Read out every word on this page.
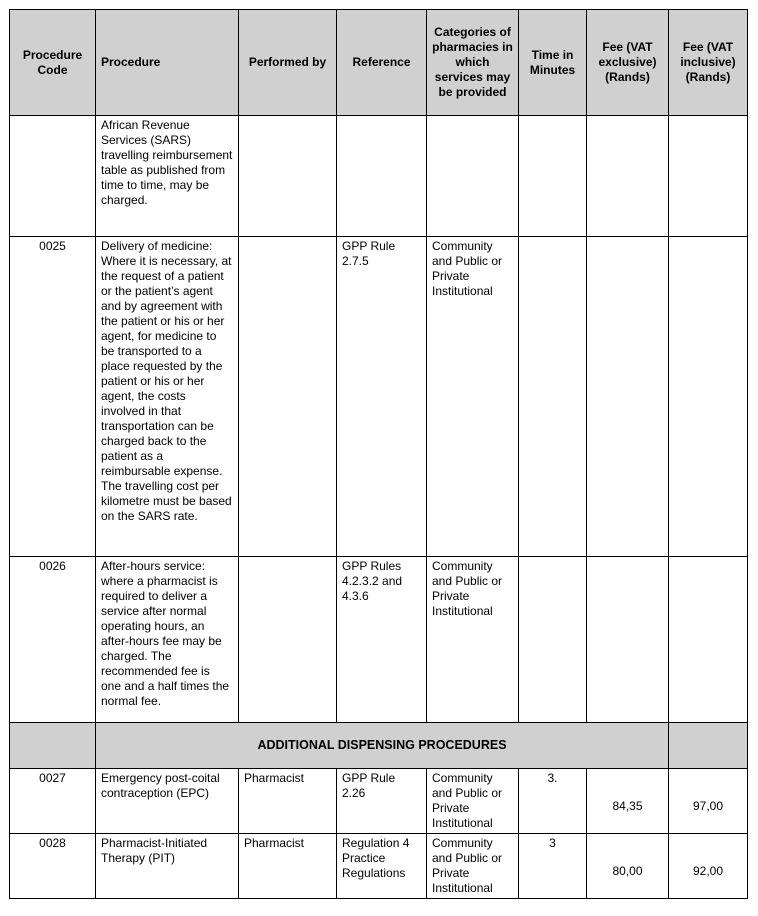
Procedure Code	Procedure	Performed by	Reference	Categories of pharmacies in which services may be provided	Time in Minutes	Fee (VAT exclusive) (Rands)	Fee (VAT inclusive) (Rands)
	African Revenue Services (SARS) travelling reimbursement table as published from time to time, may be charged.						
0025	Delivery of medicine: Where it is necessary, at the request of a patient or the patient’s agent and by agreement with the patient or his or her agent, for medicine to be transported to a place requested by the patient or his or her agent, the costs involved in that transportation can be charged back to the patient as a reimbursable expense. The travelling cost per kilometre must be based on the SARS rate.		GPP Rule 2.7.5	Community and Public or Private Institutional			
0026	After-hours service: where a pharmacist is required to deliver a service after normal operating hours, an after-hours fee may be charged. The recommended fee is one and a half times the normal fee.		GPP Rules 4.2.3.2 and 4.3.6	Community and Public or Private Institutional			
	ADDITIONAL DISPENSING PROCEDURES						
0027	Emergency post-coital contraception (EPC)	Pharmacist	GPP Rule 2.26	Community and Public or Private Institutional	3.	84,35	97,00
0028	Pharmacist-Initiated Therapy (PIT)	Pharmacist	Regulation 4 Practice Regulations	Community and Public or Private Institutional	3	80,00	92,00
